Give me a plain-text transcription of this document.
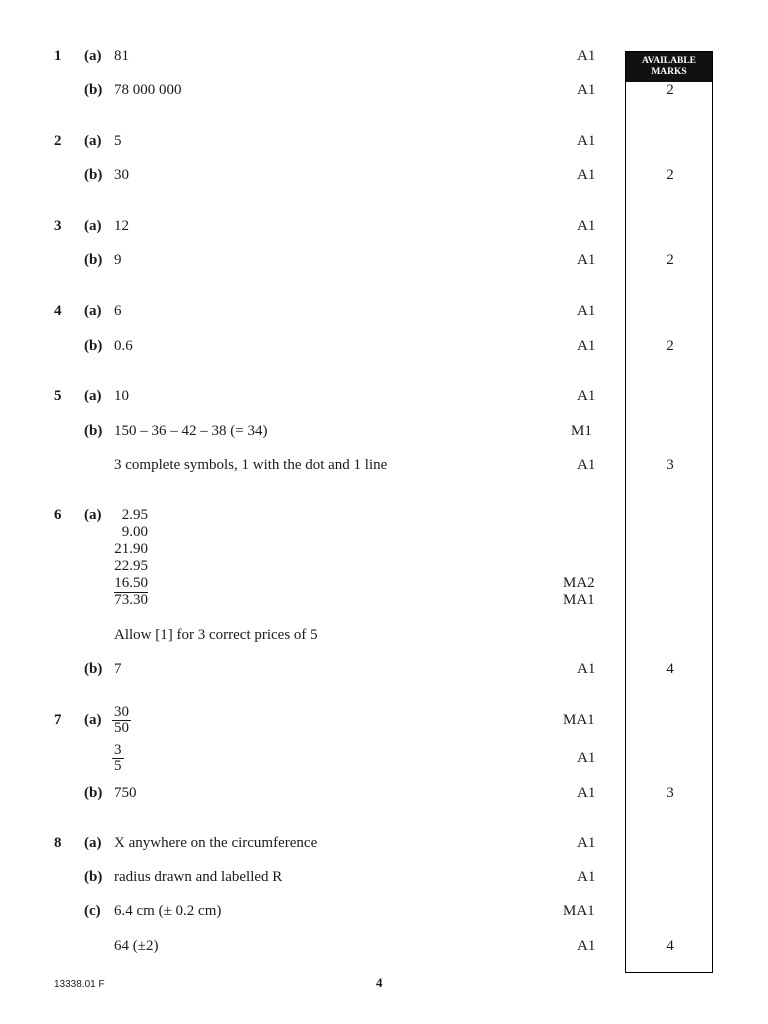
AVAILABLE MARKS
1 (a) 81	A1
(b) 78 000 000	A1	2
2 (a) 5	A1
(b) 30	A1	2
3 (a) 12	A1
(b) 9	A1	2
4 (a) 6	A1
(b) 0.6	A1	2
5 (a) 10	A1
(b) 150 – 36 – 42 – 38 (= 34)	M1
3 complete symbols, 1 with the dot and 1 line	A1	3
6 (a)	2.95
9.00
21.90
22.95
16.50	MA2
73.30	MA1
Allow [1] for 3 correct prices of 5
(b) 7	A1	4
7 $(a) \frac{30}{50}$	MA1
$\frac{3}{5}$	A1
(b) 750	A1	3
8 (a) X anywhere on the circumference	A1
(b) radius drawn and labelled R	A1
(c) 6.4 cm (± 0.2 cm)	MA1
64 (±2)	A1	4
13338.01 F	4
